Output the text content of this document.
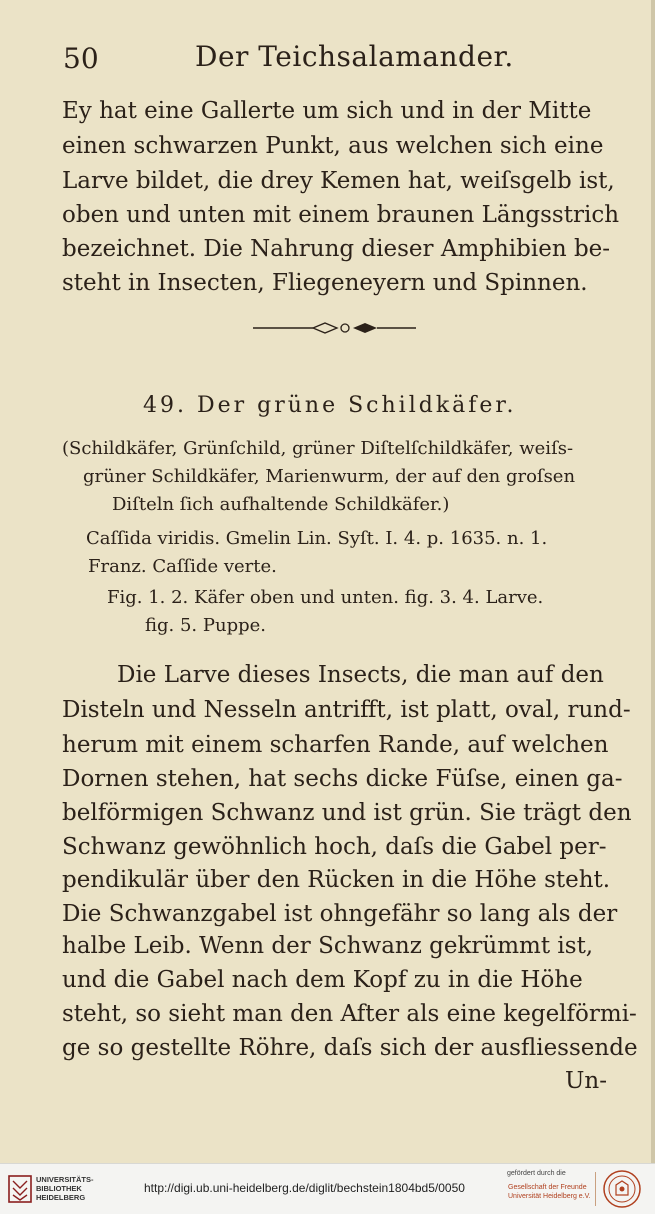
50	Der Teichsalamander.
Ey hat eine Gallerte um sich und in der Mitte
einen schwarzen Punkt, aus welchen sich eine
Larve bildet, die drey Kemen hat, weiſsgelb ist,
oben und unten mit einem braunen Längsstrich
bezeichnet. Die Nahrung dieser Amphibien be-
steht in Insecten, Fliegeneyern und Spinnen.
49. Der grüne Schildkäfer.
(Schildkäfer, Grünſchild, grüner Diſtelſchildkäfer, weiſs-
grüner Schildkäfer, Marienwurm, der auf den groſsen
Diſteln ſich aufhaltende Schildkäfer.)
Caſſida viridis. Gmelin Lin. Syſt. I. 4. p. 1635. n. 1.
Franz. Caſſide verte.
Fig. 1. 2. Käfer oben und unten. fig. 3. 4. Larve.
fig. 5. Puppe.
Die Larve dieses Insects, die man auf den
Disteln und Nesseln antrifft, ist platt, oval, rund-
herum mit einem scharfen Rande, auf welchen
Dornen stehen, hat sechs dicke Füſse, einen ga-
belförmigen Schwanz und ist grün. Sie trägt den
Schwanz gewöhnlich hoch, daſs die Gabel per-
pendikulär über den Rücken in die Höhe steht.
Die Schwanzgabel ist ohngefähr so lang als der
halbe Leib. Wenn der Schwanz gekrümmt ist,
und die Gabel nach dem Kopf zu in die Höhe
steht, so sieht man den After als eine kegelförmi-
ge so gestellte Röhre, daſs sich der ausfliessende
Un-
UNIVERSITÄTS-
BIBLIOTHEK
HEIDELBERG
http://digi.ub.uni-heidelberg.de/diglit/bechstein1804bd5/0050
gefördert durch die
Gesellschaft der Freunde
Universität Heidelberg e.V.
